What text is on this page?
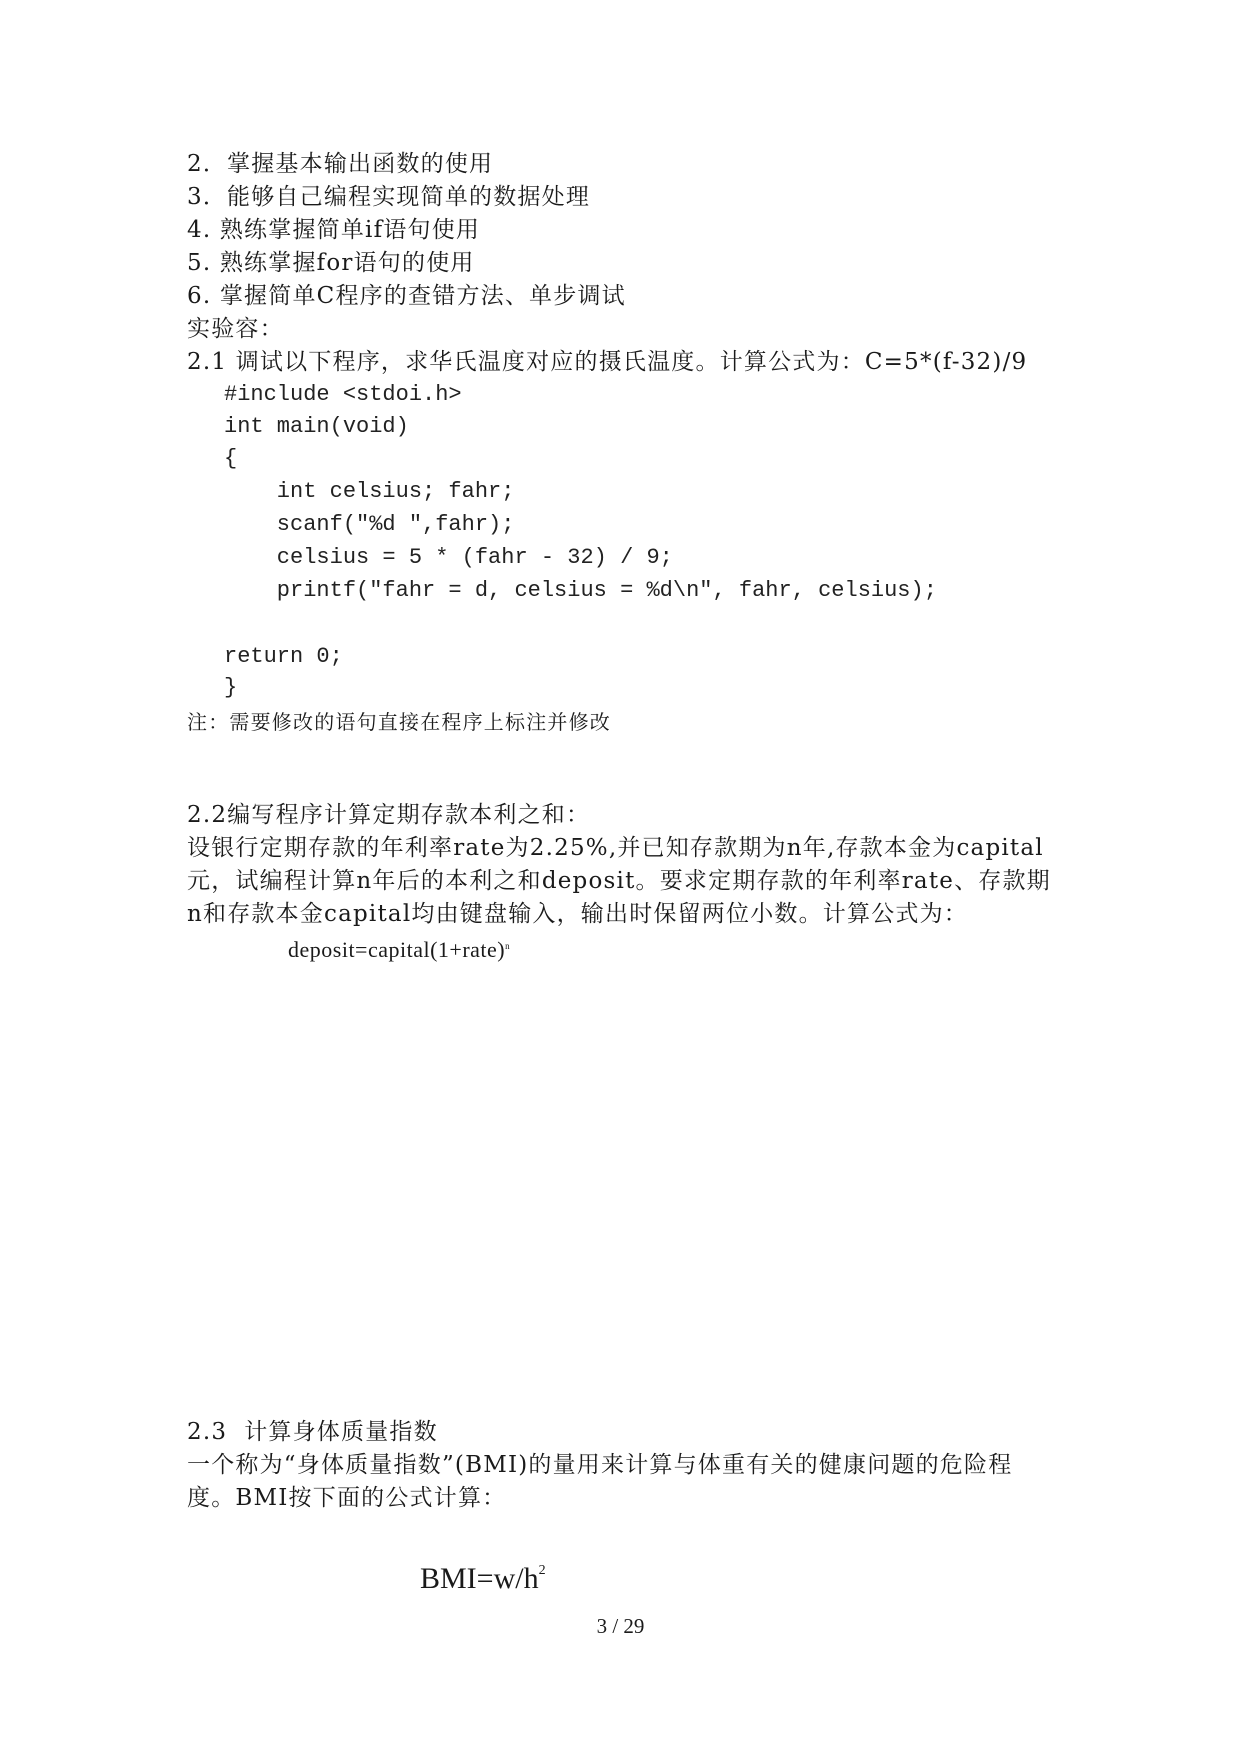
2．掌握基本输出函数的使用
3．能够自己编程实现简单的数据处理
4. 熟练掌握简单if语句使用
5. 熟练掌握for语句的使用
6. 掌握简单C程序的查错方法、单步调试
实验容：
2.1 调试以下程序，求华氏温度对应的摄氏温度。计算公式为：C=5*(f-32)/9
#include <stdoi.h>
int main(void)
{
int celsius; fahr;
scanf("%d ",fahr);
celsius = 5 * (fahr - 32) / 9;
printf("fahr = d, celsius = %d\n", fahr, celsius);
return 0;
}
注：需要修改的语句直接在程序上标注并修改
2.2编写程序计算定期存款本利之和：
设银行定期存款的年利率rate为2.25%,并已知存款期为n年,存款本金为capital
元，试编程计算n年后的本利之和deposit。要求定期存款的年利率rate、存款期
n和存款本金capital均由键盘输入，输出时保留两位小数。计算公式为：
deposit=capital(1+rate)$^n$
2.3  计算身体质量指数
一个称为“身体质量指数”(BMI)的量用来计算与体重有关的健康问题的危险程
度。BMI按下面的公式计算：
$BMI=w/h^2$
3 / 29
